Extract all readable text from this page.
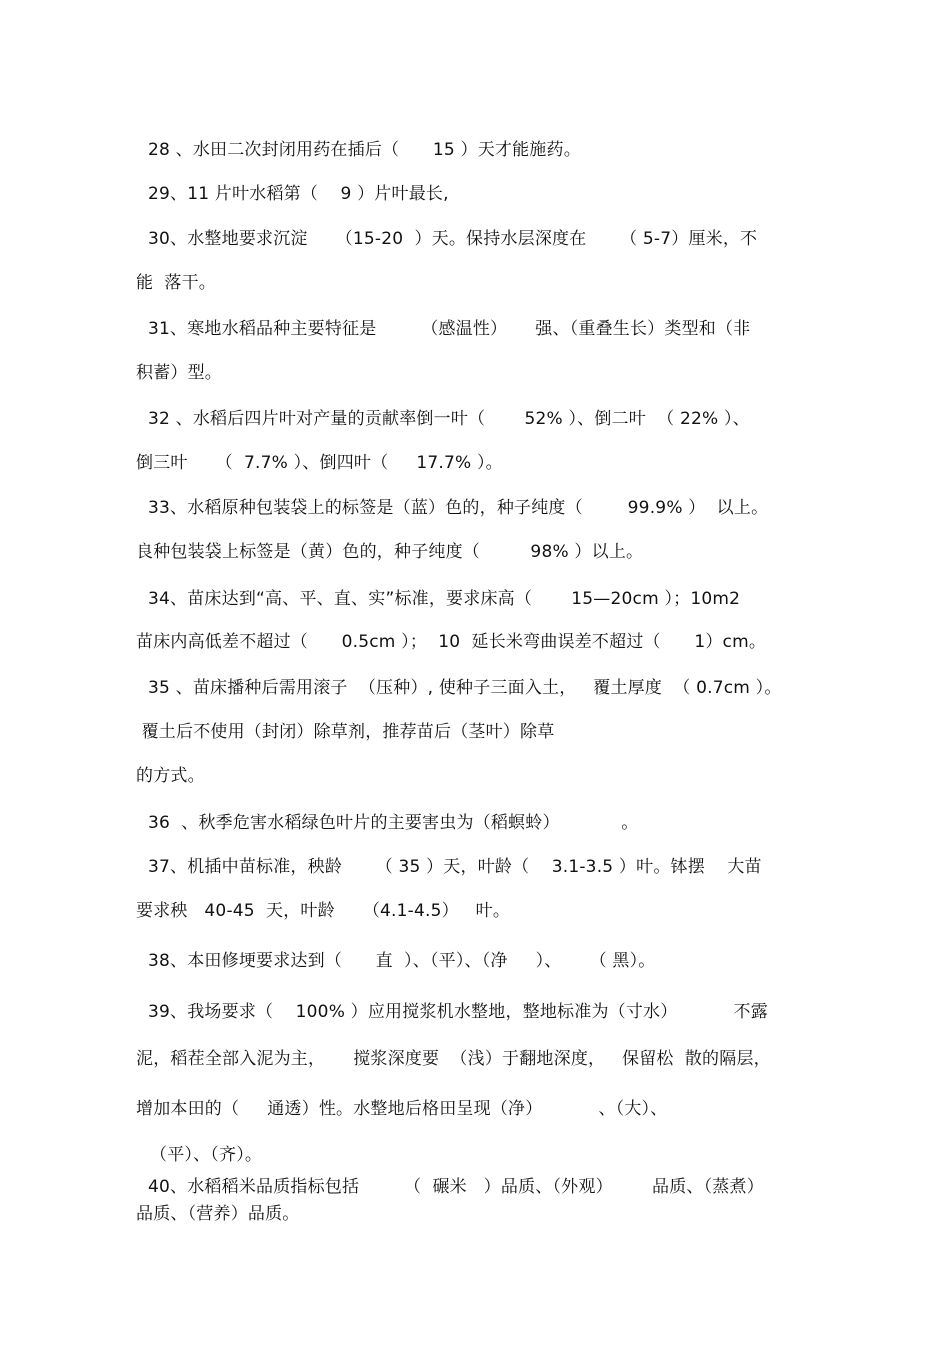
28 、水田二次封闭用药在插后（      15 ）天才能施药。
29、11 片叶水稻第（    9 ）片叶最长,
30、水整地要求沉淀     （15-20  ）天。保持水层深度在      （ 5-7）厘米，不
能  落干。
31、寒地水稻品种主要特征是        （感温性）     强、（重叠生长）类型和（非
积蓄）型。
32 、水稻后四片叶对产量的贡献率倒一叶（       52% ）、倒二叶  （ 22% ）、
倒三叶     （  7.7% ）、倒四叶（     17.7% ）。
33、水稻原种包装袋上的标签是（蓝）色的，种子纯度（        99.9% ）  以上。
良种包装袋上标签是（黄）色的，种子纯度（         98% ）以上。
34、苗床达到“高、平、直、实”标准，要求床高（       15—20cm ）；10m2
苗床内高低差不超过（      0.5cm ）；  10  延长米弯曲误差不超过（      1）cm。
35 、苗床播种后需用滚子  （压种）, 使种子三面入土，   覆土厚度  （ 0.7cm ）。
覆土后不使用（封闭）除草剂，推荐苗后（茎叶）除草
的方式。
36  、秋季危害水稻绿色叶片的主要害虫为（稻螟蛉）           。
37、机插中苗标准，秧龄      （ 35 ）天，叶龄（    3.1-3.5 ）叶。钵摆    大苗
要求秧   40-45  天，叶龄     （4.1-4.5）   叶。
38、本田修埂要求达到（      直  ）、（平）、（净     ）、     （ 黑）。
39、我场要求（    100% ）应用搅浆机水整地，整地标准为（寸水）          不露
泥，稻茬全部入泥为主，     搅浆深度要  （浅）于翻地深度，   保留松  散的隔层，
增加本田的（     通透）性。水整地后格田呈现（净）          、（大）、
（平）、（齐）。
40、水稻稻米品质指标包括        （  碾米   ）品质、（外观）       品质、（蒸煮）
品质、（营养）品质。
